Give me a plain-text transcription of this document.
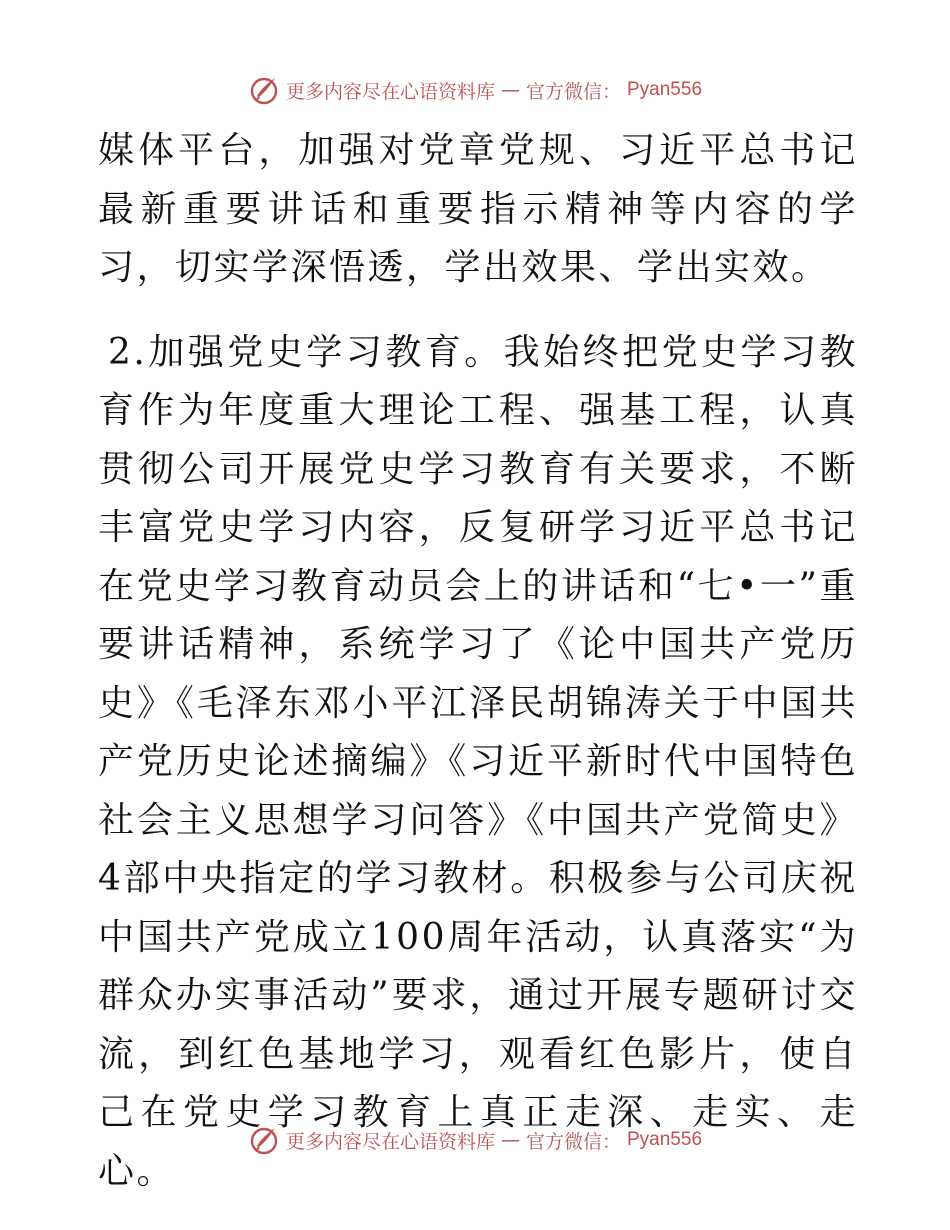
更多内容尽在心语资料库 — 官方微信： Pyan556

媒体平台，加强对党章党规、习近平总书记最新重要讲话和重要指示精神等内容的学习，切实学深悟透，学出效果、学出实效。

2.加强党史学习教育。我始终把党史学习教育作为年度重大理论工程、强基工程，认真贯彻公司开展党史学习教育有关要求，不断丰富党史学习内容，反复研学习近平总书记在党史学习教育动员会上的讲话和“七•一”重要讲话精神，系统学习了《论中国共产党历史》《毛泽东邓小平江泽民胡锦涛关于中国共产党历史论述摘编》《习近平新时代中国特色社会主义思想学习问答》《中国共产党简史》4部中央指定的学习教材。积极参与公司庆祝中国共产党成立100周年活动，认真落实“为群众办实事活动”要求，通过开展专题研讨交流，到红色基地学习，观看红色影片，使自己在党史学习教育上真正走深、走实、走心。

更多内容尽在心语资料库 — 官方微信： Pyan556
